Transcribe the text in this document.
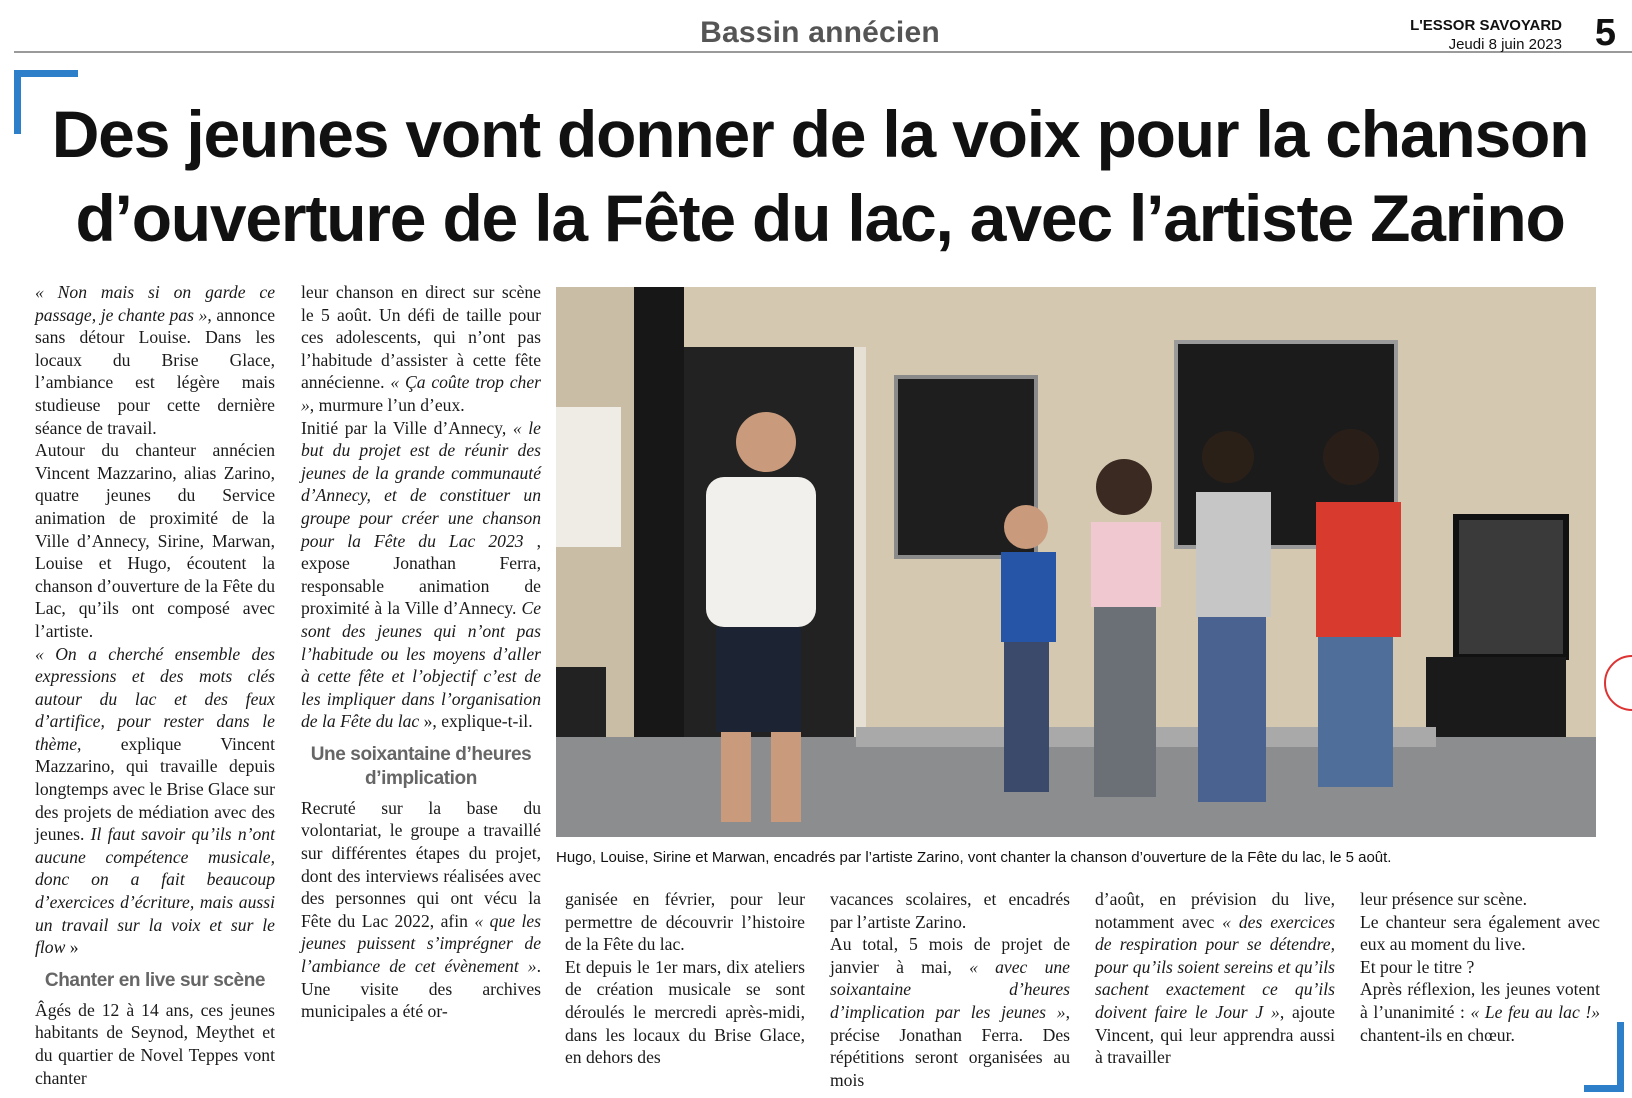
Bassin annécien	L'ESSOR SAVOYARD
Jeudi 8 juin 2023 5
Des jeunes vont donner de la voix pour la chanson
d’ouverture de la Fête du lac, avec l’artiste Zarino

« Non mais si on garde ce passage, je chante pas », annonce sans détour Louise. Dans les locaux du Brise Glace, l’ambiance est légère mais studieuse pour cette dernière séance de travail.

Autour du chanteur annécien Vincent Mazzarino, alias Zarino, quatre jeunes du Service animation de proximité de la Ville d’Annecy, Sirine, Marwan, Louise et Hugo, écoutent la chanson d’ouverture de la Fête du Lac, qu’ils ont composé avec l’artiste.

« On a cherché ensemble des expressions et des mots clés autour du lac et des feux d’artifice, pour rester dans le thème, explique Vincent Mazzarino, qui travaille depuis longtemps avec le Brise Glace sur des projets de médiation avec des jeunes. Il faut savoir qu’ils n’ont aucune compétence musicale, donc on a fait beaucoup d’exercices d’écriture, mais aussi un travail sur la voix et sur le flow »

Chanter en live sur scène

Âgés de 12 à 14 ans, ces jeunes habitants de Seynod, Meythet et du quartier de Novel Teppes vont chanter

leur chanson en direct sur scène le 5 août. Un défi de taille pour ces adolescents, qui n’ont pas l’habitude d’assister à cette fête annécienne. « Ça coûte trop cher », murmure l’un d’eux.

Initié par la Ville d’Annecy, « le but du projet est de réunir des jeunes de la grande communauté d’Annecy, et de constituer un groupe pour créer une chanson pour la Fête du Lac 2023 , expose Jonathan Ferra, responsable animation de proximité à la Ville d’Annecy. Ce sont des jeunes qui n’ont pas l’habitude ou les moyens d’aller à cette fête et l’objectif c’est de les impliquer dans l’organisation de la Fête du lac », explique-t-il.

Une soixantaine d’heures
d’implication

Recruté sur la base du volontariat, le groupe a travaillé sur différentes étapes du projet, dont des interviews réalisées avec des personnes qui ont vécu la Fête du Lac 2022, afin « que les jeunes puissent s’imprégner de l’ambiance de cet évènement ». Une visite des archives municipales a été or-

Hugo, Louise, Sirine et Marwan, encadrés par l’artiste Zarino, vont chanter la chanson d’ouverture de la Fête du lac, le 5 août.

ganisée en février, pour leur permettre de découvrir l’histoire de la Fête du lac.

Et depuis le 1er mars, dix ateliers de création musicale se sont déroulés le mercredi après-midi, dans les locaux du Brise Glace, en dehors des

vacances scolaires, et encadrés par l’artiste Zarino.

Au total, 5 mois de projet de janvier à mai, « avec une soixantaine d’heures d’implication par les jeunes », précise Jonathan Ferra. Des répétitions seront organisées au mois

d’août, en prévision du live, notamment avec « des exercices de respiration pour se détendre, pour qu’ils soient sereins et qu’ils sachent exactement ce qu’ils doivent faire le Jour J », ajoute Vincent, qui leur apprendra aussi à travailler

leur présence sur scène.

Le chanteur sera également avec eux au moment du live.

Et pour le titre ?

Après réflexion, les jeunes votent à l’unanimité : « Le feu au lac !» chantent-ils en chœur.
